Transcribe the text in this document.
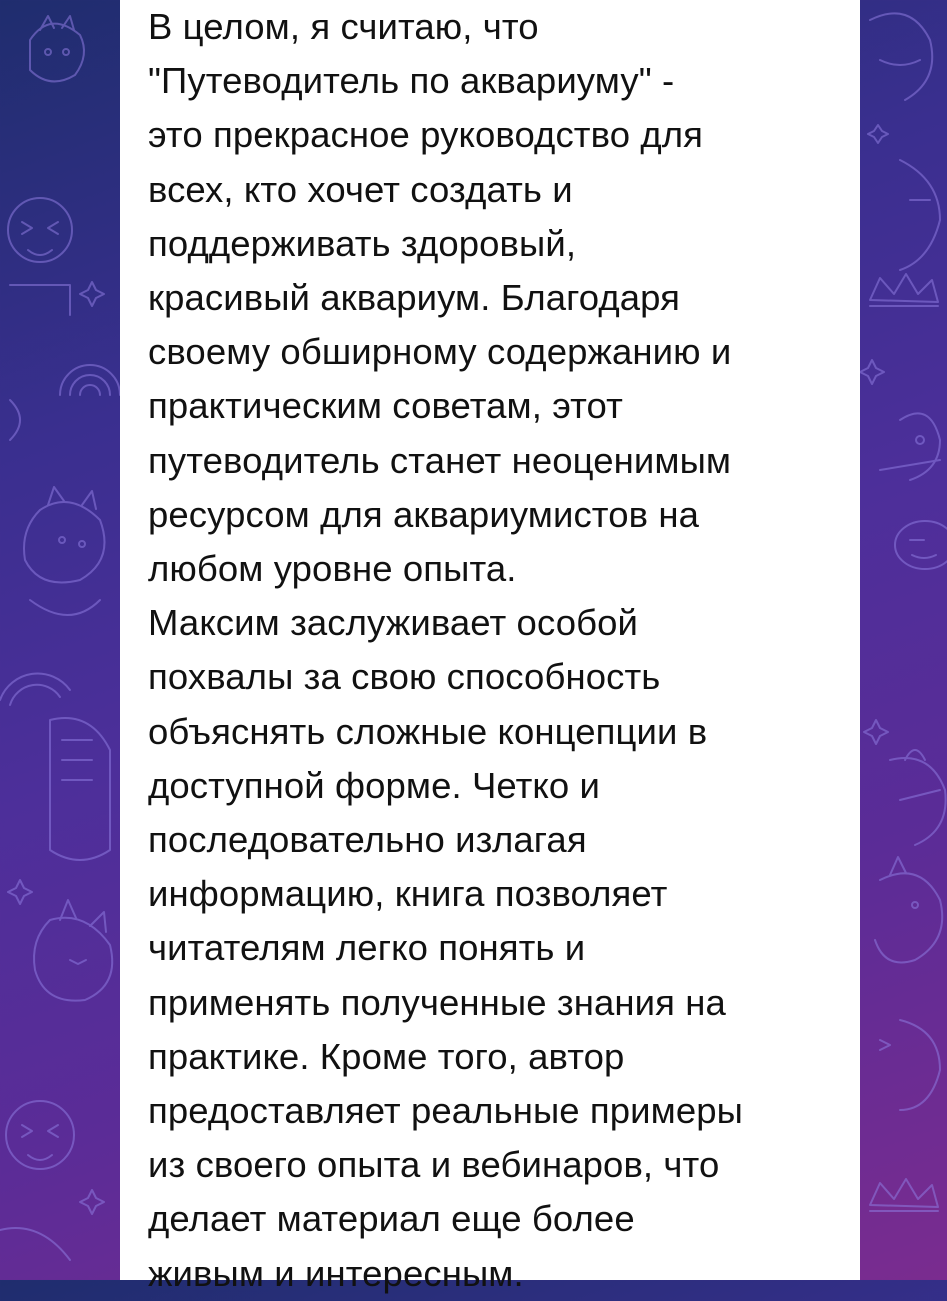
В целом, я считаю, что
"Путеводитель по аквариуму" -
это прекрасное руководство для
всех, кто хочет создать и
поддерживать здоровый,
красивый аквариум. Благодаря
своему обширному содержанию и
практическим советам, этот
путеводитель станет неоценимым
ресурсом для аквариумистов на
любом уровне опыта.
Максим заслуживает особой
похвалы за свою способность
объяснять сложные концепции в
доступной форме. Четко и
последовательно излагая
информацию, книга позволяет
читателям легко понять и
применять полученные знания на
практике. Кроме того, автор
предоставляет реальные примеры
из своего опыта и вебинаров, что
делает материал еще более
живым и интересным.
